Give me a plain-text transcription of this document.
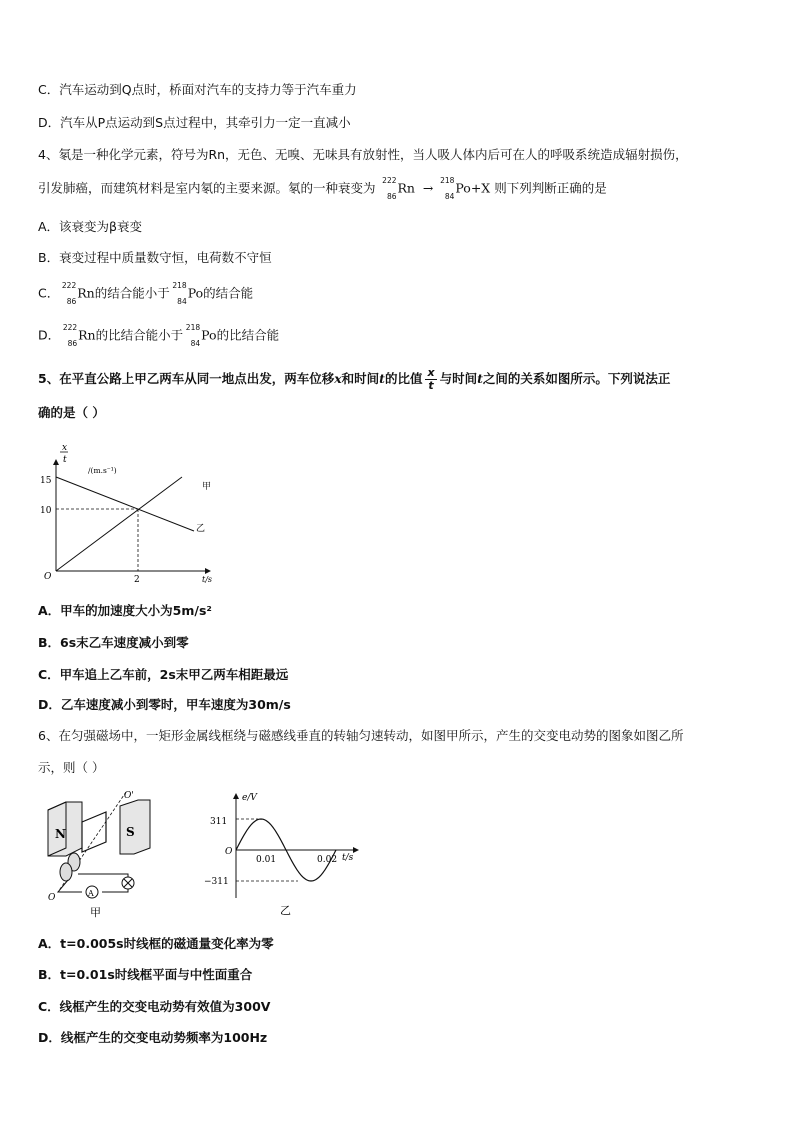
C．汽车运动到Q点时，桥面对汽车的支持力等于汽车重力
D．汽车从P点运动到S点过程中，其牵引力一定一直减小
4、氡是一种化学元素，符号为Rn，无色、无嗅、无味具有放射性，当人吸人体内后可在人的呼吸系统造成辐射损伤，
引发肺癌，而建筑材料是室内氡的主要来源。氡的一种衰变为 222
86
Rn  → 218
84
Po+X 则下列判断正确的是
A．该衰变为β衰变
B．衰变过程中质量数守恒，电荷数不守恒
C． 222
86
Rn的结合能小于 218
84
Po的结合能
D． 222
86
Rn的比结合能小于 218
84
Po的比结合能
5、在平直公路上甲乙两车从同一地点出发，两车位移x和时间t的比值 $\frac{x}{t}$ 与时间t之间的关系如图所示。下列说法正
确的是（ ）
x
t
/(m.s⁻¹)
15
10
O	2	t/s
甲
乙
A．甲车的加速度大小为5m/s²
B．6s末乙车速度减小到零
C．甲车追上乙车前，2s末甲乙两车相距最远
D．乙车速度减小到零时，甲车速度为30m/s
6、在匀强磁场中，一矩形金属线框绕与磁感线垂直的转轴匀速转动，如图甲所示，产生的交变电动势的图象如图乙所
示，则（ ）
N	S
O'
O	A
甲
e/V
311
−311
O
0.01	0.02 t/s
乙
A．t=0.005s时线框的磁通量变化率为零
B．t=0.01s时线框平面与中性面重合
C．线框产生的交变电动势有效值为300V
D．线框产生的交变电动势频率为100Hz
